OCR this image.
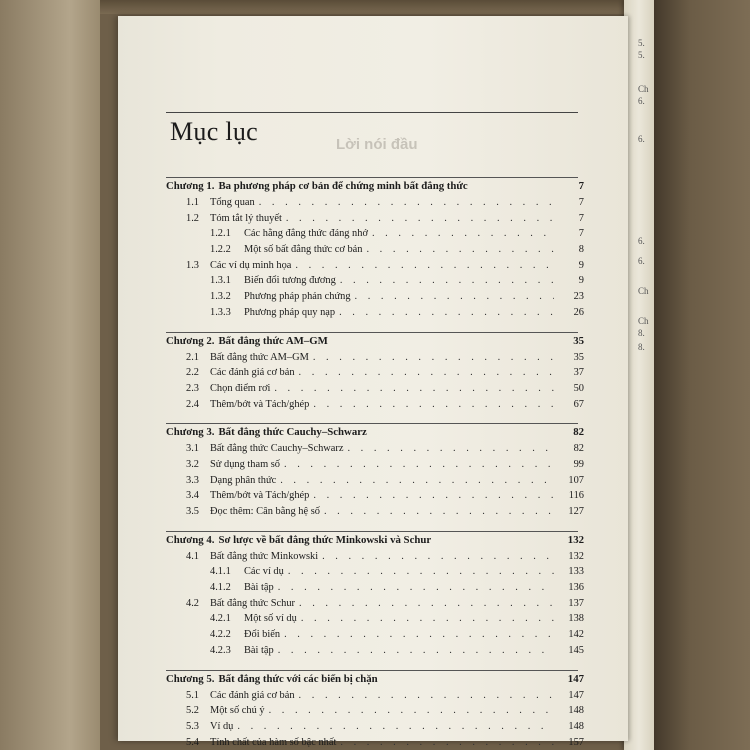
5.
5.
Ch
6.
6.
6.
6.
Ch
Ch
8.
8.
Lời nói đầu
Mục lục
Chương 1. Ba phương pháp cơ bản để chứng minh bất đẳng thức	7
1.1	Tổng quan . . .	7
1.2	Tóm tắt lý thuyết . . .	7
1.2.1	Các hằng đẳng thức đáng nhớ . . .	7
1.2.2	Một số bất đẳng thức cơ bản . . .	8
1.3	Các ví dụ minh họa . . .	9
1.3.1	Biến đổi tương đương . . .	9
1.3.2	Phương pháp phản chứng . . .	23
1.3.3	Phương pháp quy nạp . . .	26
Chương 2. Bất đẳng thức AM–GM	35
2.1	Bất đẳng thức AM–GM . . .	35
2.2	Các đánh giá cơ bản . . .	37
2.3	Chọn điểm rơi . . .	50
2.4	Thêm/bớt và Tách/ghép . . .	67
Chương 3. Bất đẳng thức Cauchy–Schwarz	82
3.1	Bất đẳng thức Cauchy–Schwarz . . .	82
3.2	Sử dụng tham số . . .	99
3.3	Dạng phân thức . . .	107
3.4	Thêm/bớt và Tách/ghép . . .	116
3.5	Đọc thêm: Cân bằng hệ số . . .	127
Chương 4. Sơ lược về bất đẳng thức Minkowski và Schur	132
4.1	Bất đẳng thức Minkowski . . .	132
4.1.1	Các ví dụ . . .	133
4.1.2	Bài tập . . .	136
4.2	Bất đẳng thức Schur . . .	137
4.2.1	Một số ví dụ . . .	138
4.2.2	Đổi biến . . .	142
4.2.3	Bài tập . . .	145
Chương 5. Bất đẳng thức với các biến bị chặn	147
5.1	Các đánh giá cơ bản . . .	147
5.2	Một số chú ý . . .	148
5.3	Ví dụ . . .	148
5.4	Tính chất của hàm số bậc nhất . . .	157
